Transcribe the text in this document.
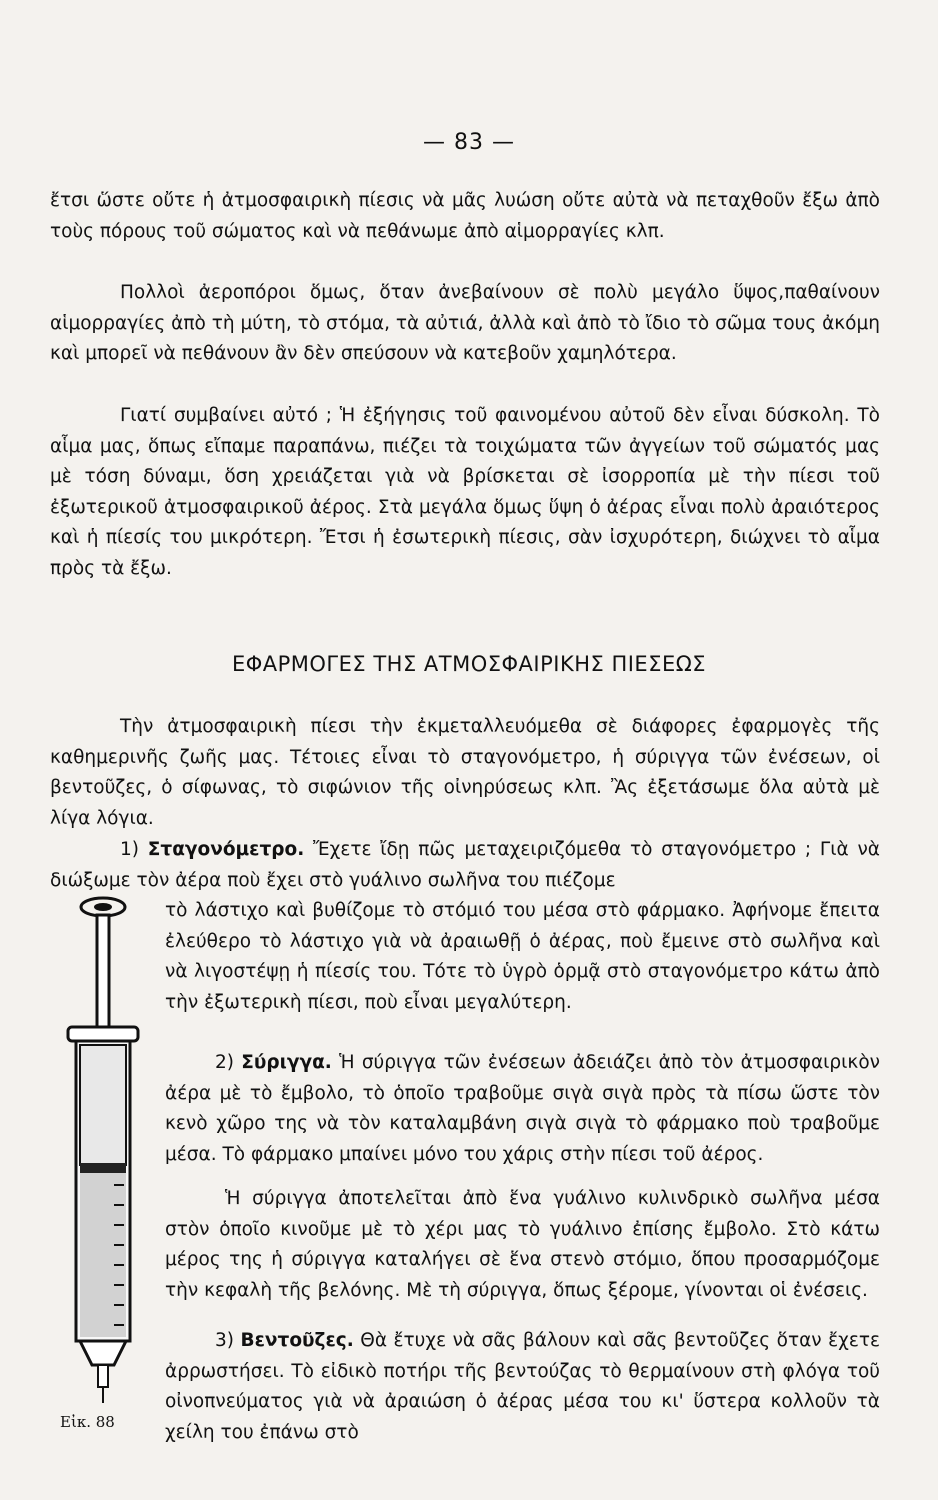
— 83 —

ἔτσι ὥστε οὔτε ἡ ἀτμοσφαιρικὴ πίεσις νὰ μᾶς λυώση οὔτε αὐτὰ νὰ πεταχθοῦν ἔξω ἀπὸ τοὺς πόρους τοῦ σώματος καὶ νὰ πεθάνωμε ἀπὸ αἱμορραγίες κλπ.

Πολλοὶ ἀεροπόροι ὅμως, ὅταν ἀνεβαίνουν σὲ πολὺ μεγάλο ὕψος,παθαίνουν αἱμορραγίες ἀπὸ τὴ μύτη, τὸ στόμα, τὰ αὐτιά, ἀλλὰ καὶ ἀπὸ τὸ ἴδιο τὸ σῶμα τους ἀκόμη καὶ μπορεῖ νὰ πεθάνουν ἂν δὲν σπεύσουν νὰ κατεβοῦν χαμηλότερα.

Γιατί συμβαίνει αὐτό ; Ἡ ἐξήγησις τοῦ φαινομένου αὐτοῦ δὲν εἶναι δύσκολη. Τὸ αἷμα μας, ὅπως εἴπαμε παραπάνω, πιέζει τὰ τοιχώματα τῶν ἀγγείων τοῦ σώματός μας μὲ τόση δύναμι, ὅση χρειάζεται γιὰ νὰ βρίσκεται σὲ ἰσορροπία μὲ τὴν πίεσι τοῦ ἐξωτερικοῦ ἀτμοσφαιρικοῦ ἀέρος. Στὰ μεγάλα ὅμως ὕψη ὁ ἀέρας εἶναι πολὺ ἀραιότερος καὶ ἡ πίεσίς του μικρότερη. Ἔτσι ἡ ἐσωτερικὴ πίεσις, σὰν ἰσχυρότερη, διώχνει τὸ αἷμα πρὸς τὰ ἔξω.

ΕΦΑΡΜΟΓΕΣ ΤΗΣ ΑΤΜΟΣΦΑΙΡΙΚΗΣ ΠΙΕΣΕΩΣ

Τὴν ἀτμοσφαιρικὴ πίεσι τὴν ἐκμεταλλευόμεθα σὲ διάφορες ἐφαρμογὲς τῆς καθημερινῆς ζωῆς μας. Τέτοιες εἶναι τὸ σταγονόμετρο, ἡ σύριγγα τῶν ἐνέσεων, οἱ βεντοῦζες, ὁ σίφωνας, τὸ σιφώνιον τῆς οἰνηρύσεως κλπ. Ἂς ἐξετάσωμε ὅλα αὐτὰ μὲ λίγα λόγια.

1) Σταγονόμετρο. Ἔχετε ἴδῃ πῶς μεταχειριζόμεθα τὸ σταγονόμετρο ; Γιὰ νὰ διώξωμε τὸν ἀέρα ποὺ ἔχει στὸ γυάλινο σωλῆνα του πιέζομε

τὸ λάστιχο καὶ βυθίζομε τὸ στόμιό του μέσα στὸ φάρμακο. Ἀφήνομε ἔπειτα ἐλεύθερο τὸ λάστιχο γιὰ νὰ ἀραιωθῇ ὁ ἀέρας, ποὺ ἔμεινε στὸ σωλῆνα καὶ νὰ λιγοστέψῃ ἡ πίεσίς του. Τότε τὸ ὑγρὸ ὁρμᾷ στὸ σταγονόμετρο κάτω ἀπὸ τὴν ἐξωτερικὴ πίεσι, ποὺ εἶναι μεγαλύτερη.

2) Σύριγγα. Ἡ σύριγγα τῶν ἐνέσεων ἀδειάζει ἀπὸ τὸν ἀτμοσφαιρικὸν ἀέρα μὲ τὸ ἔμβολο, τὸ ὁποῖο τραβοῦμε σιγὰ σιγὰ πρὸς τὰ πίσω ὥστε τὸν κενὸ χῶρο της νὰ τὸν καταλαμβάνη σιγὰ σιγὰ τὸ φάρμακο ποὺ τραβοῦμε μέσα. Τὸ φάρμακο μπαίνει μόνο του χάρις στὴν πίεσι τοῦ ἀέρος.

Ἡ σύριγγα ἀποτελεῖται ἀπὸ ἕνα γυάλινο κυλινδρικὸ σωλῆνα μέσα στὸν ὁποῖο κινοῦμε μὲ τὸ χέρι μας τὸ γυάλινο ἐπίσης ἔμβολο. Στὸ κάτω μέρος της ἡ σύριγγα καταλήγει σὲ ἕνα στενὸ στόμιο, ὅπου προσαρμόζομε τὴν κεφαλὴ τῆς βελόνης. Μὲ τὴ σύριγγα, ὅπως ξέρομε, γίνονται οἱ ἐνέσεις.

3) Βεντοῦζες. Θὰ ἔτυχε νὰ σᾶς βάλουν καὶ σᾶς βεντοῦζες ὅταν ἔχετε ἀρρωστήσει. Τὸ εἰδικὸ ποτήρι τῆς βεντούζας τὸ θερμαίνουν στὴ φλόγα τοῦ οἰνοπνεύματος γιὰ νὰ ἀραιώση ὁ ἀέρας μέσα του κι' ὕστερα κολλοῦν τὰ χείλη του ἐπάνω στὸ

Εἰκ. 88
